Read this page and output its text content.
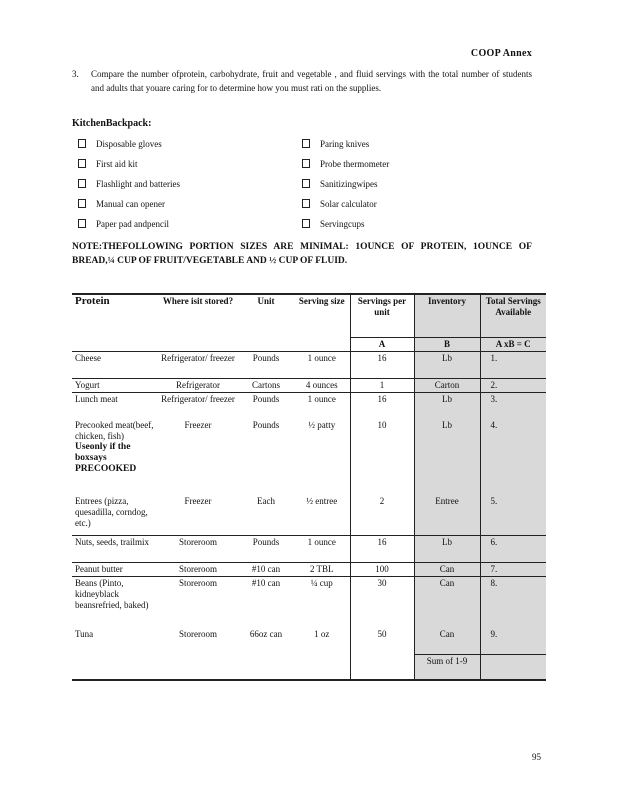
COOP Annex
3. Compare the number ofprotein, carbohydrate, fruit and vegetable , and fluid servings with the total number of students and adults that youare caring for to determine how you must rati on the supplies.
KitchenBackpack:
Disposable gloves
First aid kit
Flashlight and batteries
Manual can opener
Paper pad andpencil
Paring knives
Probe thermometer
Sanitizingwipes
Solar calculator
Servingcups
NOTE:THEFOLLOWING PORTION SIZES ARE MINIMAL: 1OUNCE OF PROTEIN, 1OUNCE OF BREAD,¼ CUP OF FRUIT/VEGETABLE AND ½ CUP OF FLUID.
Protein	Where isit stored?	Unit	Serving size	Servings per unit	Inventory	Total Servings Available
				A	B	A xB = C
Cheese	Refrigerator/ freezer	Pounds	1 ounce	16	Lb	1.
Yogurt	Refrigerator	Cartons	4 ounces	1	Carton	2.
Lunch meat	Refrigerator/ freezer	Pounds	1 ounce	16	Lb	3.

Precooked meat(beef, chicken, fish)
Useonly if the boxsays PRECOOKED	Freezer	Pounds	½ patty	10	Lb	4.
Entrees (pizza, quesadilla, corndog, etc.)	Freezer	Each	½ entree	2	Entree	5.
Nuts, seeds, trailmix	Storeroom	Pounds	1 ounce	16	Lb	6.
Peanut butter	Storeroom	#10 can	2 TBL	100	Can	7.
Beans (Pinto, kidneyblack beansrefried, baked)	Storeroom	#10 can	¼ cup	30	Can	8.
Tuna	Storeroom	66oz can	1 oz	50	Can	9.
					Sum of 1-9	
95
